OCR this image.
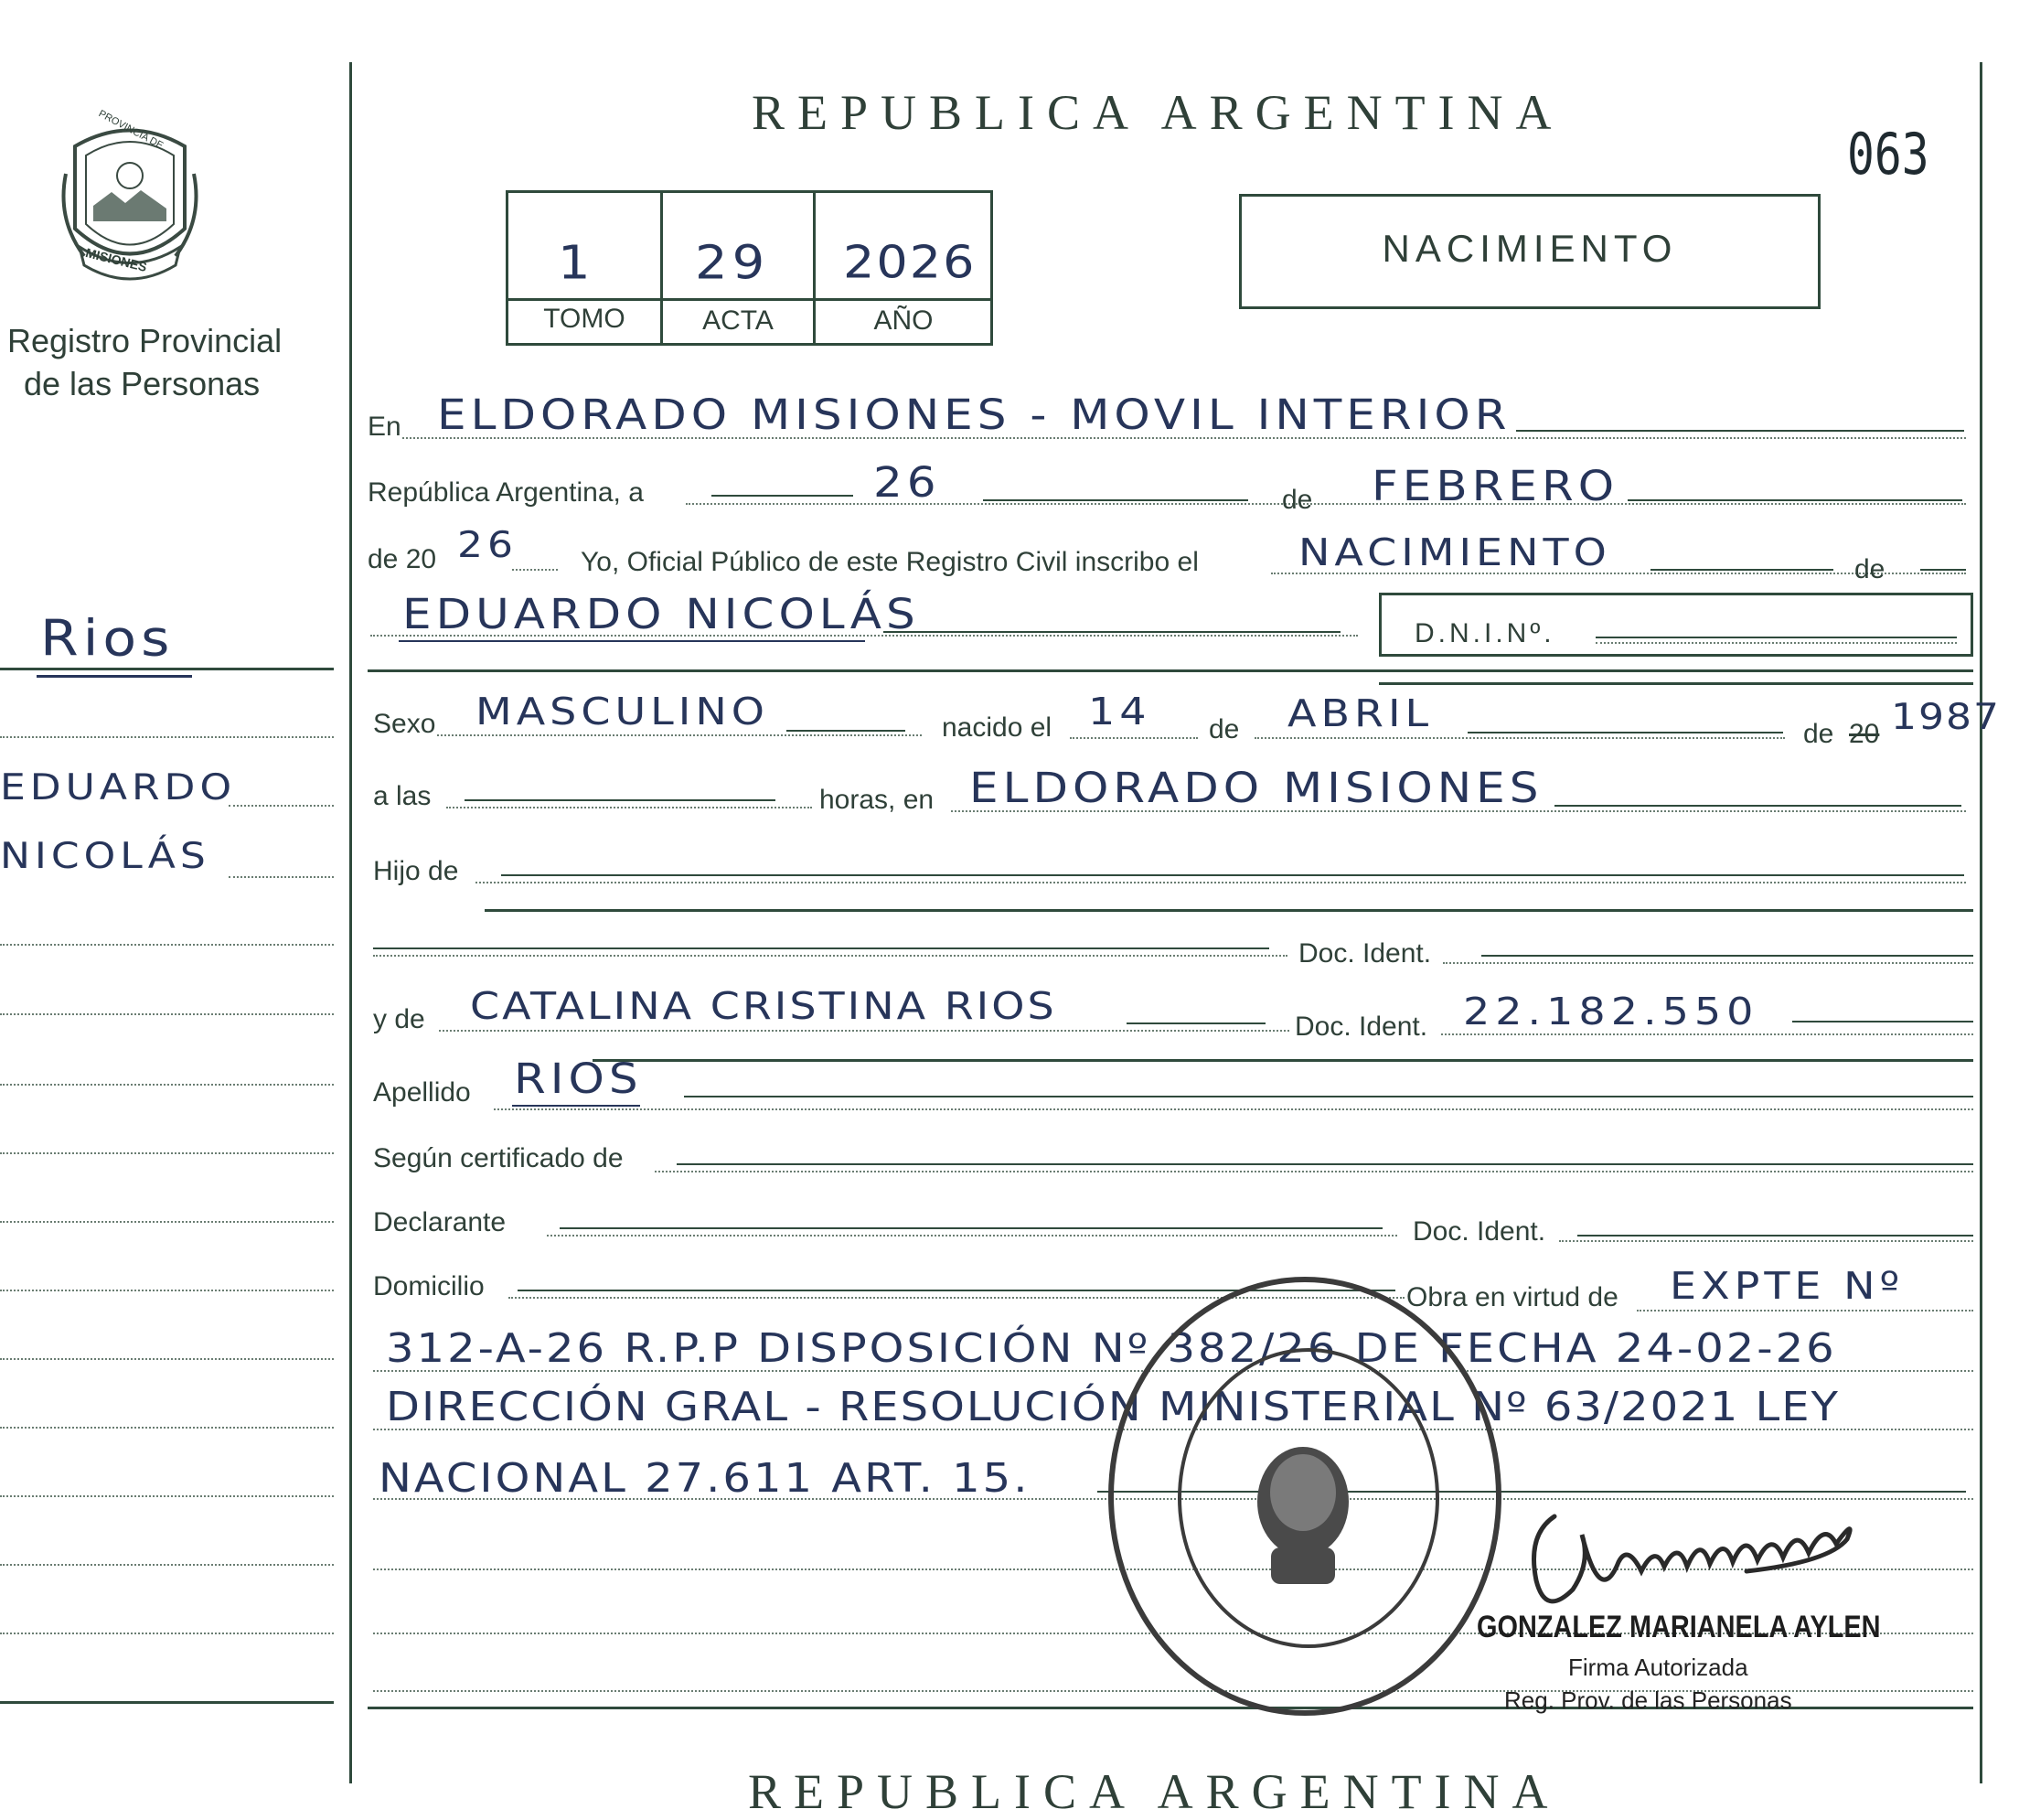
PROVINCIA DE
MISIONES
Registro Provincial
de las Personas
Rios
EDUARDO
NICOLÁS
REPUBLICA ARGENTINA
063
1 29 2026
TOMO	ACTA	AÑO
NACIMIENTO
En ELDORADO MISIONES - MOVIL INTERIOR
República Argentina, a	26	de FEBRERO
de 20 26 Yo, Oficial Público de este Registro Civil inscribo el NACIMIENTO	de
EDUARDO NICOLÁS	D.N.I.Nº.
Sexo MASCULINO	nacido el 14 de ABRIL	de 20 1987
a las	horas, en ELDORADO MISIONES
Hijo de
Doc. Ident.
y de CATALINA CRISTINA RIOS	Doc. Ident. 22.182.550
Apellido RIOS
Según certificado de
Declarante	Doc. Ident.
Domicilio	Obra en virtud de EXPTE Nº
312-A-26 R.P.P DISPOSICIÓN Nº 382/26 DE FECHA 24-02-26
DIRECCIÓN GRAL - RESOLUCIÓN MINISTERIAL Nº 63/2021 LEY
NACIONAL 27.611 ART. 15.
GONZALEZ MARIANELA AYLEN
Firma Autorizada
Reg. Prov. de las Personas
REPUBLICA ARGENTINA
